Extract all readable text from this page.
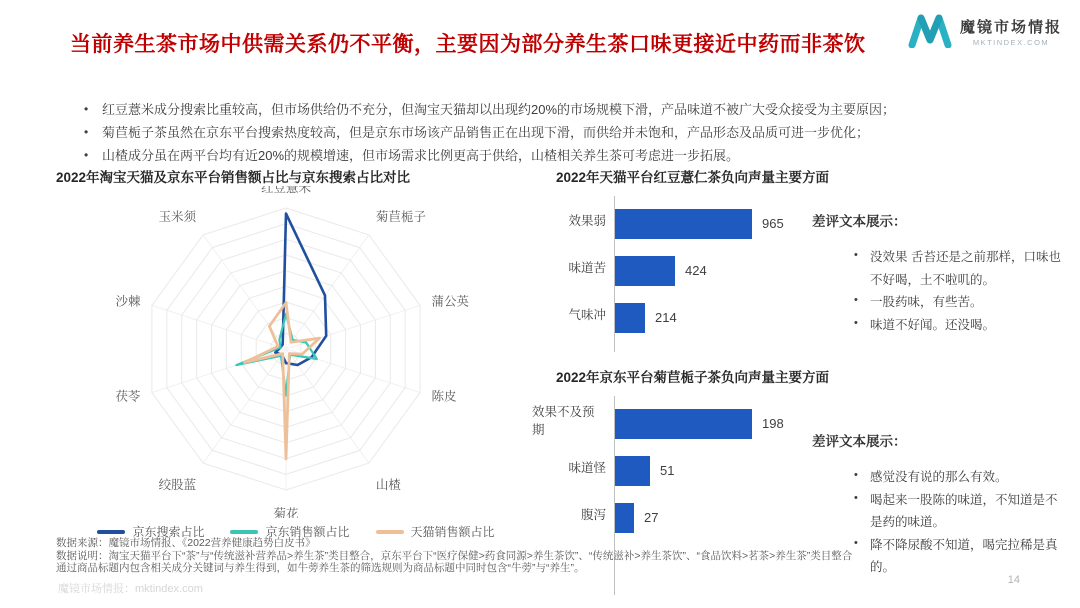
当前养生茶市场中供需关系仍不平衡，主要因为部分养生茶口味更接近中药而非茶饮
魔镜市场情报
MKTINDEX.COM
• 红豆薏米成分搜索比重较高，但市场供给仍不充分，但淘宝天猫却以出现约20%的市场规模下滑，产品味道不被广大受众接受为主要原因；
• 菊苣栀子茶虽然在京东平台搜索热度较高，但是京东市场该产品销售正在出现下滑，而供给并未饱和，产品形态及品质可进一步优化；
• 山楂成分虽在两平台均有近20%的规模增速，但市场需求比例更高于供给，山楂相关养生茶可考虑进一步拓展。
2022年淘宝天猫及京东平台销售额占比与京东搜索占比对比
红豆薏米
菊苣栀子
蒲公英
陈皮
山楂
菊花
绞股蓝
茯苓
沙棘
玉米须
京东搜索占比	京东销售额占比	天猫销售额占比
2022年天猫平台红豆薏仁茶负向声量主要方面
效果弱
味道苦
气味冲
965
424
214
差评文本展示：
• 没效果 舌苔还是之前那样，口味也不好喝，土不啦叽的。
• 一股药味，有些苦。
• 味道不好闻。还没喝。
2022年京东平台菊苣栀子茶负向声量主要方面
效果不及预期
味道怪
腹泻
198
51
27
差评文本展示：
• 感觉没有说的那么有效。
• 喝起来一股陈的味道，不知道是不是药的味道。
• 降不降尿酸不知道，喝完拉稀是真的。
数据来源：魔镜市场情报、《2022营养健康趋势白皮书》
数据说明：淘宝天猫平台下“茶”与“传统滋补营养品>养生茶”类目整合，京东平台下“医疗保健>药食同源>养生茶饮”、“传统滋补>养生茶饮”、“食品饮料>茗茶>养生茶”类目整合
通过商品标题内包含相关成分关键词与养生得到，如牛蒡养生茶的筛选规则为商品标题中同时包含“牛蒡”与“养生”。
魔镜市场情报：mktindex.com
14
